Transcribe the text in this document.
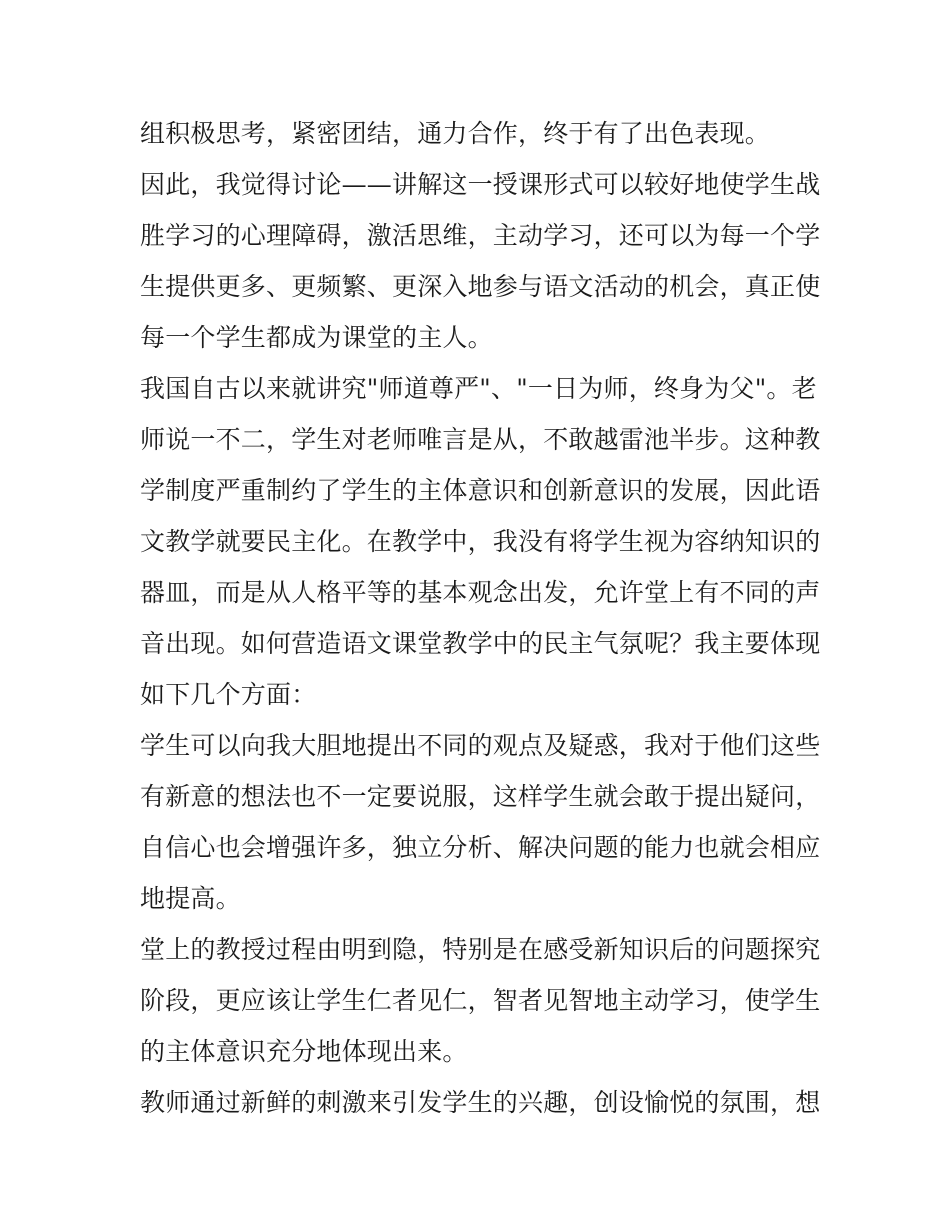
组积极思考，紧密团结，通力合作，终于有了出色表现。
因此，我觉得讨论——讲解这一授课形式可以较好地使学生战
胜学习的心理障碍，激活思维，主动学习，还可以为每一个学
生提供更多、更频繁、更深入地参与语文活动的机会，真正使
每一个学生都成为课堂的主人。
我国自古以来就讲究"师道尊严"、"一日为师，终身为父"。老
师说一不二，学生对老师唯言是从，不敢越雷池半步。这种教
学制度严重制约了学生的主体意识和创新意识的发展，因此语
文教学就要民主化。在教学中，我没有将学生视为容纳知识的
器皿，而是从人格平等的基本观念出发，允许堂上有不同的声
音出现。如何营造语文课堂教学中的民主气氛呢？我主要体现
如下几个方面：
学生可以向我大胆地提出不同的观点及疑惑，我对于他们这些
有新意的想法也不一定要说服，这样学生就会敢于提出疑问，
自信心也会增强许多，独立分析、解决问题的能力也就会相应
地提高。
堂上的教授过程由明到隐，特别是在感受新知识后的问题探究
阶段，更应该让学生仁者见仁，智者见智地主动学习，使学生
的主体意识充分地体现出来。
教师通过新鲜的刺激来引发学生的兴趣，创设愉悦的氛围，想
